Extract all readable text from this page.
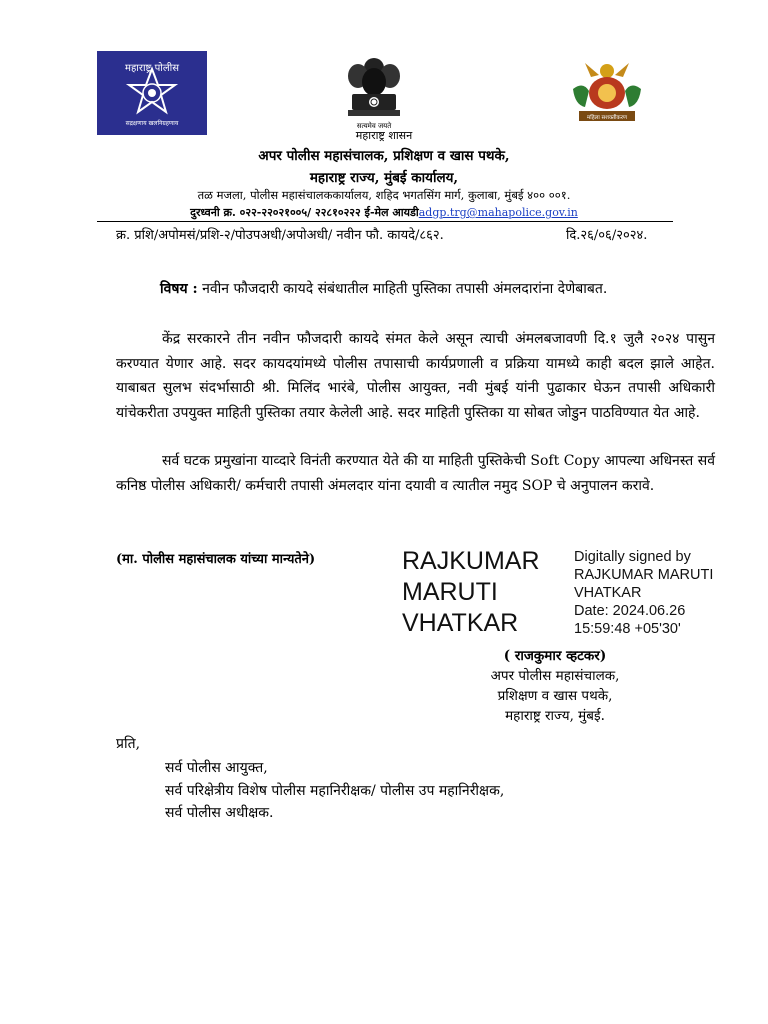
महाराष्ट्र पोलीस
सद्रक्षणाय खलनिग्रहणाय	सत्यमेव जयते
महिला सशक्तीकरण
महाराष्ट्र शासन
अपर पोलीस महासंचालक, प्रशिक्षण व खास पथके,
महाराष्ट्र राज्य, मुंबई कार्यालय,
तळ मजला, पोलीस महासंचालककार्यालय, शहिद भगतसिंग मार्ग, कुलाबा, मुंबई ४०० ००१.
दुरध्वनी क्र. ०२२-२२०२१००५/ २२८१०२२२ ई-मेल आयडीadgp.trg@mahapolice.gov.in
क्र. प्रशि/अपोमसं/प्रशि-२/पोउपअधी/अपोअधी/ नवीन फौ. कायदे/८६२.	दि.२६/०६/२०२४.
विषय : नवीन फौजदारी कायदे संबंधातील माहिती पुस्तिका तपासी अंमलदारांना देणेबाबत.
केंद्र सरकारने तीन नवीन फौजदारी कायदे संमत केले असून त्याची अंमलबजावणी दि.१ जुलै २०२४ पासुन करण्यात येणार आहे. सदर कायदयांमध्ये पोलीस तपासाची कार्यप्रणाली व प्रक्रिया यामध्ये काही बदल झाले आहेत. याबाबत सुलभ संदर्भासाठी श्री. मिलिंद भारंबे, पोलीस आयुक्त, नवी मुंबई यांनी पुढाकार घेऊन तपासी अधिकारी यांचेकरीता उपयुक्त माहिती पुस्तिका तयार केलेली आहे. सदर माहिती पुस्तिका या सोबत जोडुन पाठविण्यात येत आहे.
सर्व घटक प्रमुखांना याव्दारे विनंती करण्यात येते की या माहिती पुस्तिकेची Soft Copy आपल्या अधिनस्त सर्व कनिष्ठ पोलीस अधिकारी/ कर्मचारी तपासी अंमलदार यांना दयावी व त्यातील नमुद SOP चे अनुपालन करावे.
(मा. पोलीस महासंचालक यांच्या मान्यतेने)	RAJKUMAR
MARUTI
VHATKAR
Digitally signed by
RAJKUMAR MARUTI
VHATKAR
Date: 2024.06.26
15:59:48 +05'30'
( राजकुमार व्हटकर)
अपर पोलीस महासंचालक,
प्रशिक्षण व खास पथके,
महाराष्ट्र राज्य, मुंबई.
प्रति,
सर्व पोलीस आयुक्त,
सर्व परिक्षेत्रीय विशेष पोलीस महानिरीक्षक/ पोलीस उप महानिरीक्षक,
सर्व पोलीस अधीक्षक.
